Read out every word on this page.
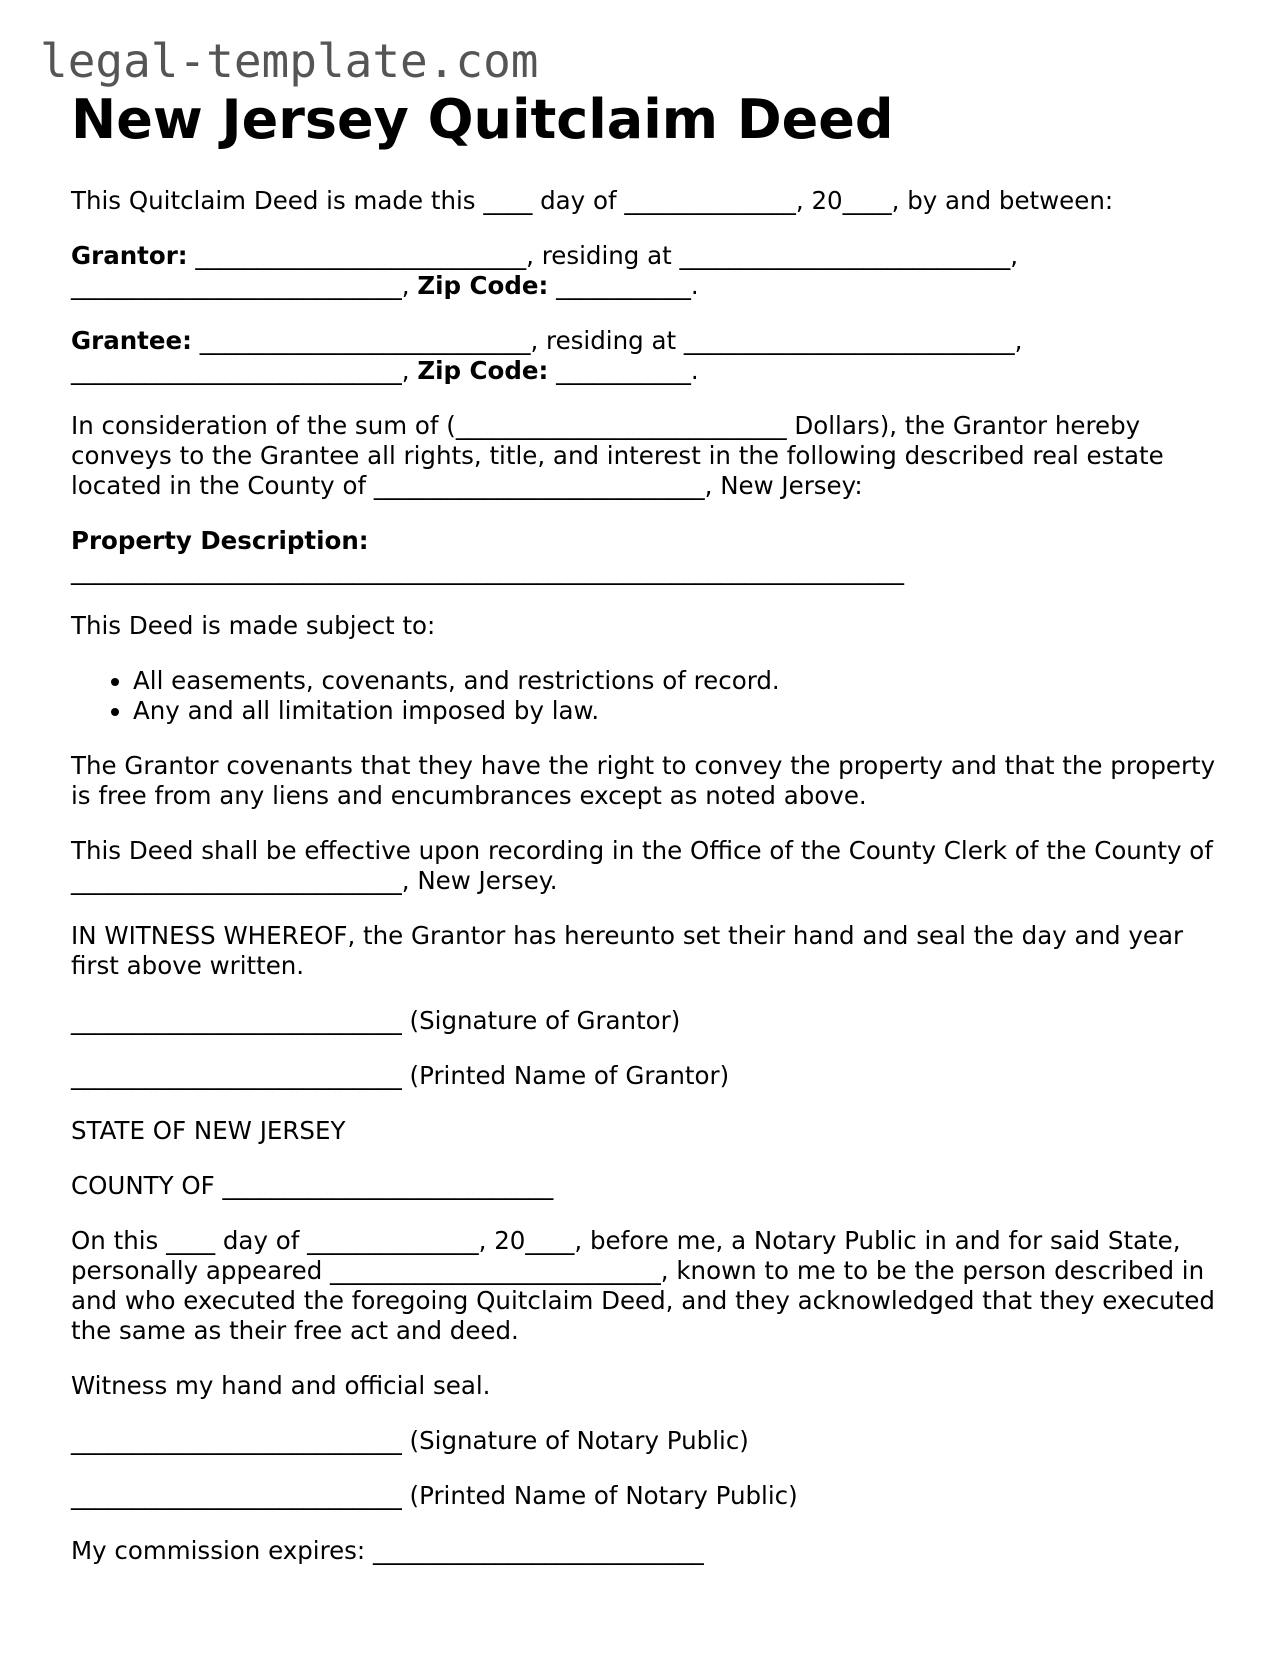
legal-template.com
New Jersey Quitclaim Deed

This Quitclaim Deed is made this ____ day of ______________, 20____, by and between:

Grantor: ___________________________, residing at ___________________________,
___________________________, Zip Code: ___________.

Grantee: ___________________________, residing at ___________________________,
___________________________, Zip Code: ___________.

In consideration of the sum of (___________________________ Dollars), the Grantor hereby conveys to the Grantee all rights, title, and interest in the following described real estate located in the County of ___________________________, New Jersey:

Property Description:
____________________________________________________________________

This Deed is made subject to:

• All easements, covenants, and restrictions of record.
• Any and all limitation imposed by law.

The Grantor covenants that they have the right to convey the property and that the property is free from any liens and encumbrances except as noted above.

This Deed shall be effective upon recording in the Office of the County Clerk of the County of ___________________________, New Jersey.

IN WITNESS WHEREOF, the Grantor has hereunto set their hand and seal the day and year first above written.

___________________________ (Signature of Grantor)

___________________________ (Printed Name of Grantor)

STATE OF NEW JERSEY

COUNTY OF ___________________________

On this ____ day of ______________, 20____, before me, a Notary Public in and for said State, personally appeared ___________________________, known to me to be the person described in and who executed the foregoing Quitclaim Deed, and they acknowledged that they executed the same as their free act and deed.

Witness my hand and official seal.

___________________________ (Signature of Notary Public)

___________________________ (Printed Name of Notary Public)

My commission expires: ___________________________
